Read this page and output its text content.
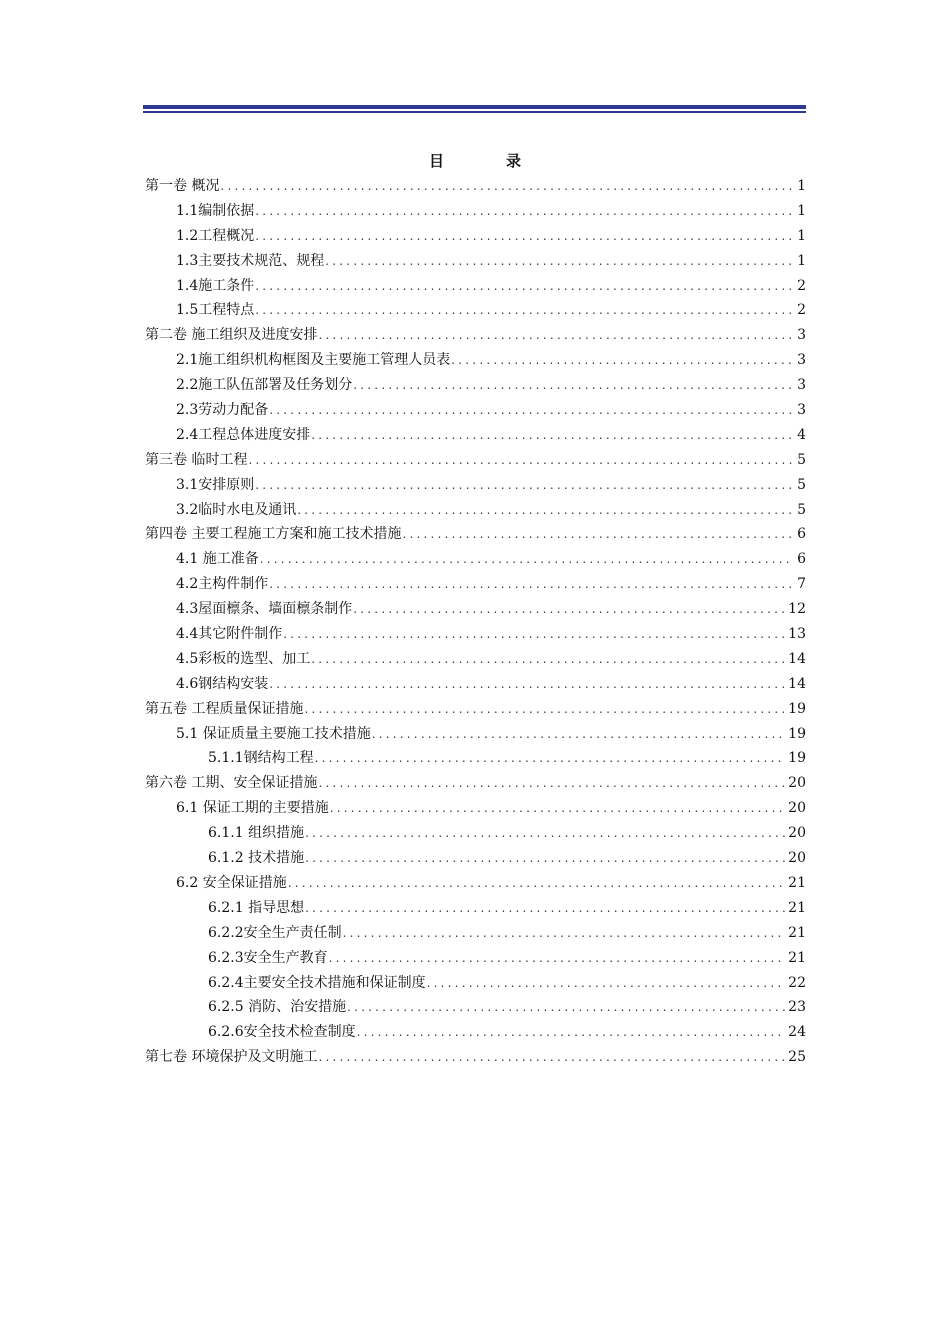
目	录
第一卷 概况 .....	1
1.1编制依据 .....	1
1.2工程概况 .....	1
1.3主要技术规范、规程 .....	1
1.4施工条件 .....	2
1.5工程特点 .....	2
第二卷 施工组织及进度安排 .....	3
2.1施工组织机构框图及主要施工管理人员表 .....	3
2.2施工队伍部署及任务划分 .....	3
2.3劳动力配备 .....	3
2.4工程总体进度安排 .....	4
第三卷 临时工程 .....	5
3.1安排原则 .....	5
3.2临时水电及通讯 .....	5
第四卷 主要工程施工方案和施工技术措施 .....	6
4.1 施工准备 .....	6
4.2主构件制作 .....	7
4.3屋面檩条、墙面檩条制作 .....	12
4.4其它附件制作 .....	13
4.5彩板的选型、加工 .....	14
4.6钢结构安装 .....	14
第五卷 工程质量保证措施 .....	19
5.1 保证质量主要施工技术措施 .....	19
5.1.1钢结构工程 .....	19
第六卷 工期、安全保证措施 .....	20
6.1 保证工期的主要措施 .....	20
6.1.1 组织措施 .....	20
6.1.2 技术措施 .....	20
6.2 安全保证措施 .....	21
6.2.1 指导思想 .....	21
6.2.2安全生产责任制 .....	21
6.2.3安全生产教育 .....	21
6.2.4主要安全技术措施和保证制度 .....	22
6.2.5 消防、治安措施 .....	23
6.2.6安全技术检查制度 .....	24
第七卷 环境保护及文明施工 .....	25
